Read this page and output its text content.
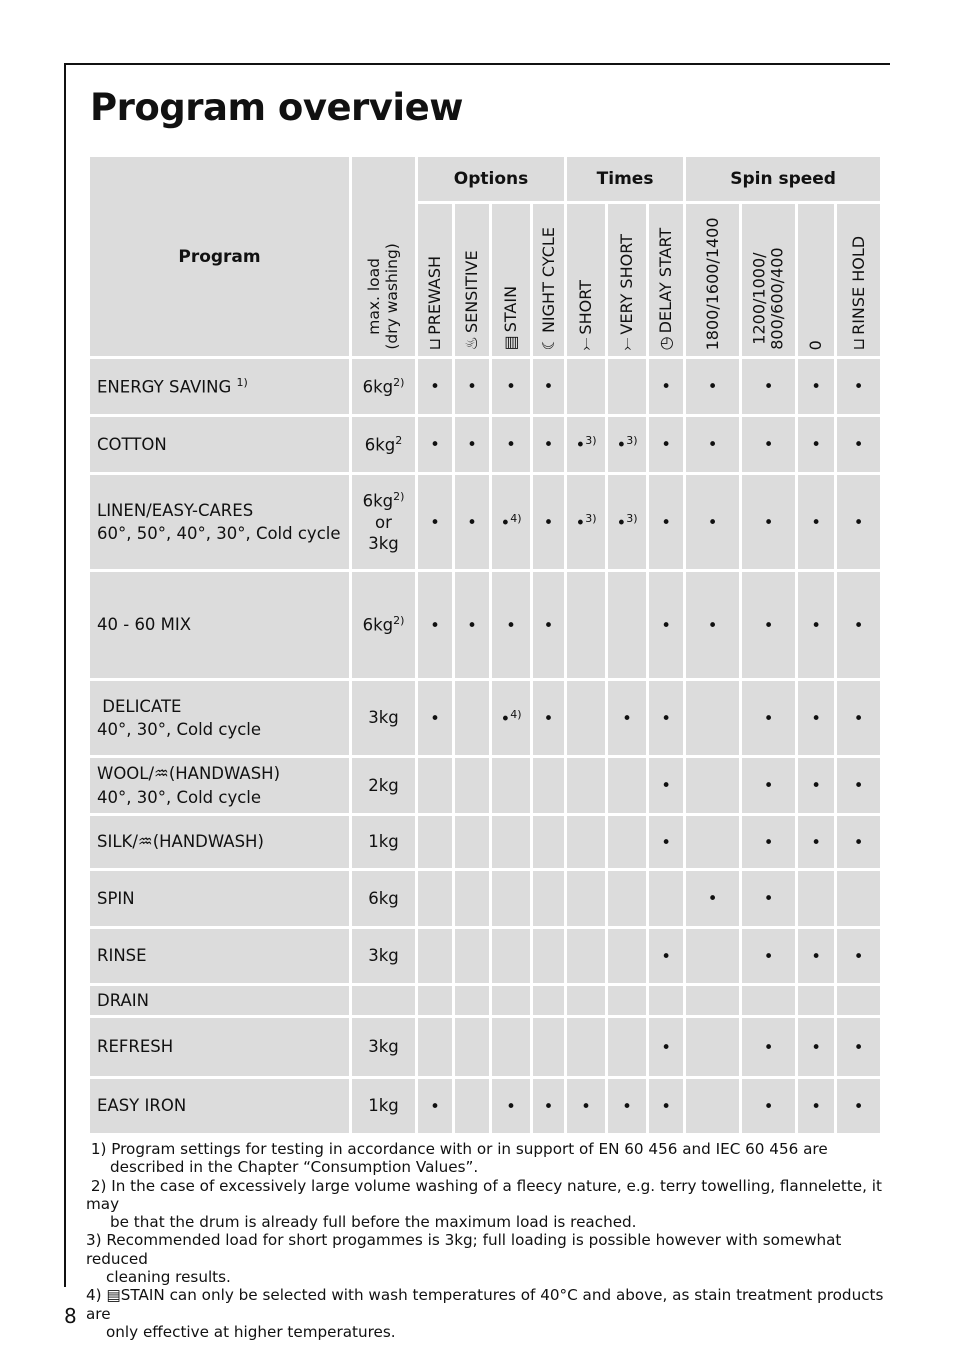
Program overview
Program	max. load
(dry washing)	Options				Times			Spin speed			

		⊔PREWASH	♨SENSITIVE	▤STAIN	☾NIGHT CYCLE	⤚SHORT	⤚VERY SHORT	◷DELAY START	1800/1600/1400	1200/1000/
800/600/400	0	⊔RINSE HOLD

ENERGY SAVING $^{1)}$	$6kg^{2)}$	•	•	•	•			•	•	•	•	•
COTTON	$6kg^2$	•	•	•	•	•$^{3)}$	•$^{3)}$	•	•	•	•	•
LINEN/EASY-CARES
60°, 50°, 40°, 30°, Cold cycle	$6kg^{2)}$
or
3kg	•	•	•$^{4)}$	•	•$^{3)}$	•$^{3)}$	•	•	•	•	•
40 - 60 MIX	$6kg^{2)}$	•	•	•	•			•	•	•	•	•
DELICATE
40°, 30°, Cold cycle	3kg	•		•$^{4)}$	•		•	•		•	•	•
WOOL/♒(HANDWASH)
40°, 30°, Cold cycle	2kg							•		•	•	•
SILK/♒(HANDWASH)	1kg							•		•	•	•
SPIN	6kg								•	•		
RINSE	3kg							•		•	•	•
DRAIN												
REFRESH	3kg							•		•	•	•
EASY IRON	1kg	•		•	•	•	•	•		•	•	•

1) Program settings for testing in accordance with or in support of EN 60 456 and IEC 60 456 are
described in the Chapter “Consumption Values”.

2) In the case of excessively large volume washing of a fleecy nature, e.g. terry towelling, flannelette, it may
be that the drum is already full before the maximum load is reached.

3) Recommended load for short progammes is 3kg; full loading is possible however with somewhat reduced
cleaning results.

4) ▤STAIN can only be selected with wash temperatures of 40°C and above, as stain treatment products are
only effective at higher temperatures.

8
